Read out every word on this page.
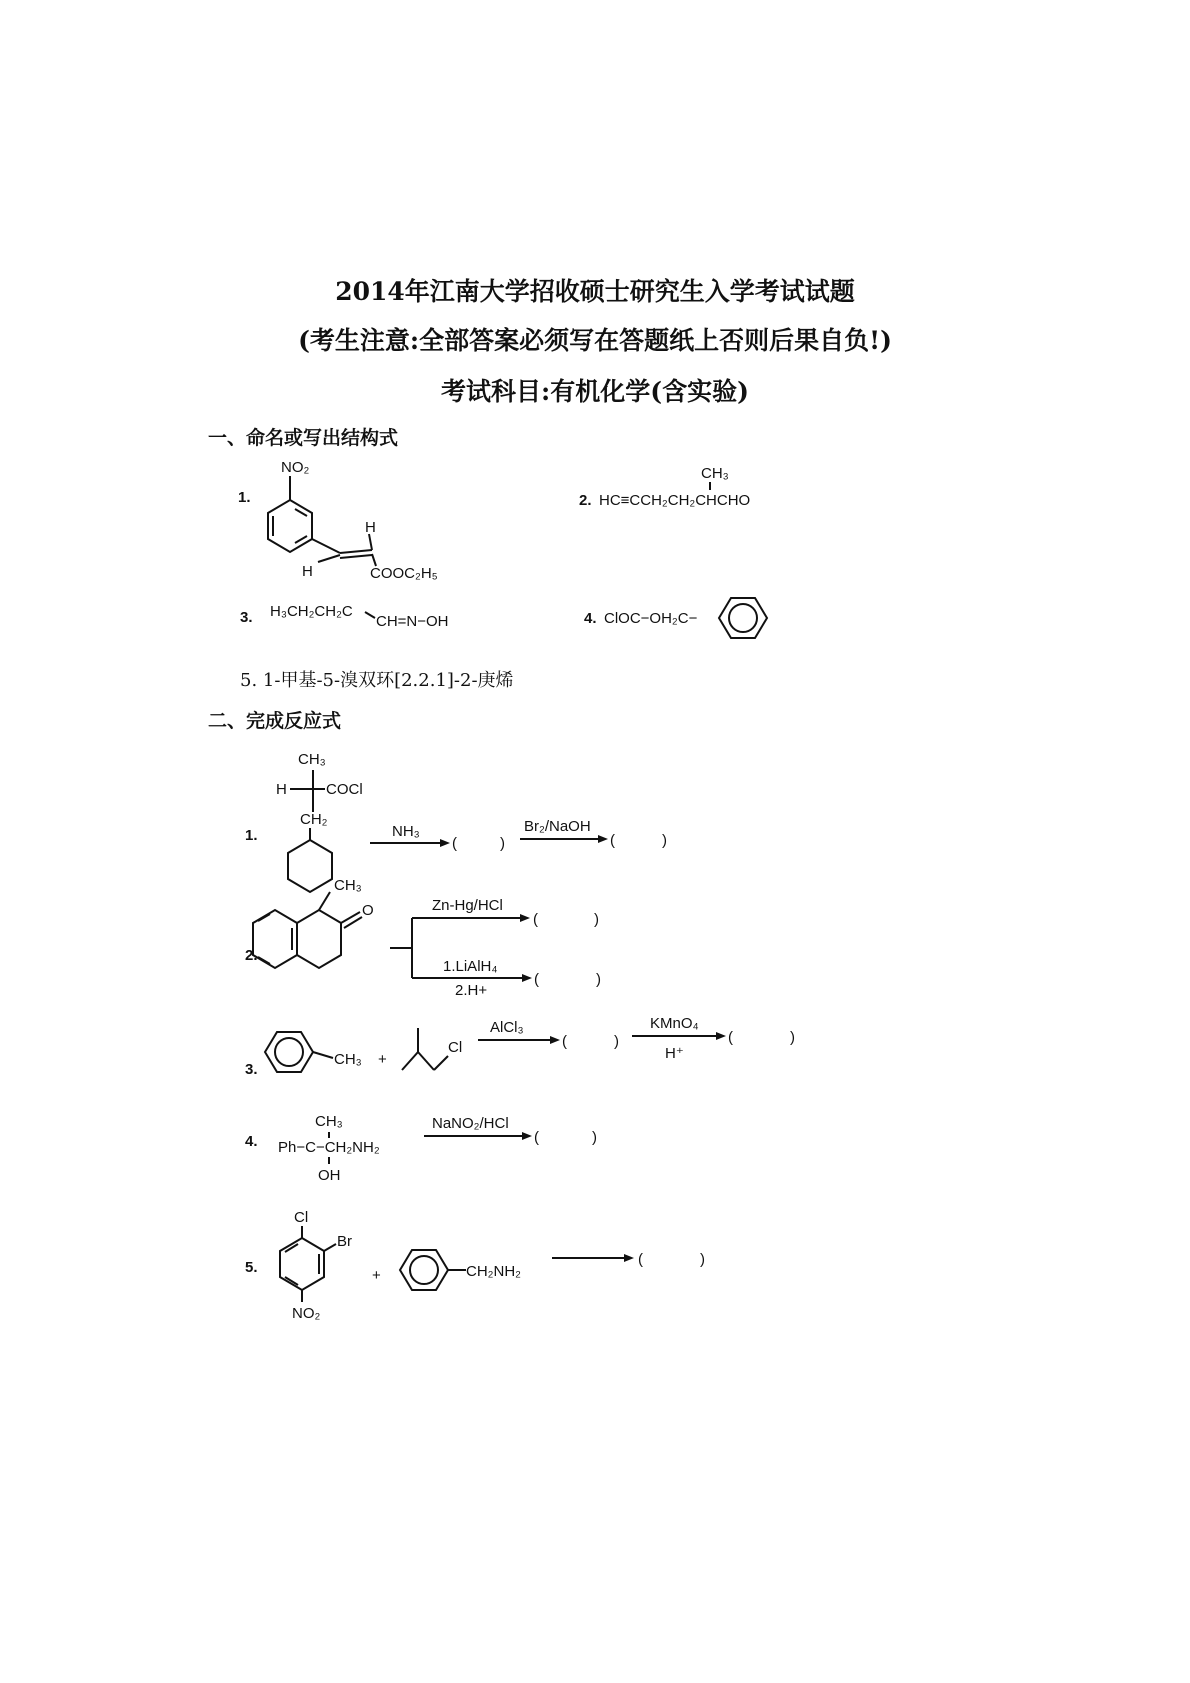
2014年江南大学招收硕士研究生入学考试试题
(考生注意:全部答案必须写在答题纸上否则后果自负!)
考试科目:有机化学(含实验)
一、命名或写出结构式
1.
NO₂
H
H	COOC₂H₅
CH₃
2. HC≡CCH₂CH₂CHCHO
3. H₃CH₂CH₂C
CH=N−OH	4. ClOC−OH₂C−
5. 1-甲基-5-溴双环[2.2.1]-2-庚烯
二、完成反应式
1.
CH₃
H	COCl
CH₂
NH₃
(	)
Br₂/NaOH
(	)
2.
CH₃
O	Zn-Hg/HCl
(	)
1.LiAlH₄
2.H+
(	)
3.
CH₃ +
Cl
AlCl₃
(	)
KMnO₄
H⁺
(	)
4.
CH₃
Ph−C−CH₂NH₂
OH
NaNO₂/HCl
(	)
5.
Cl
Br
NO₂
+	CH₂NH₂
(	)
